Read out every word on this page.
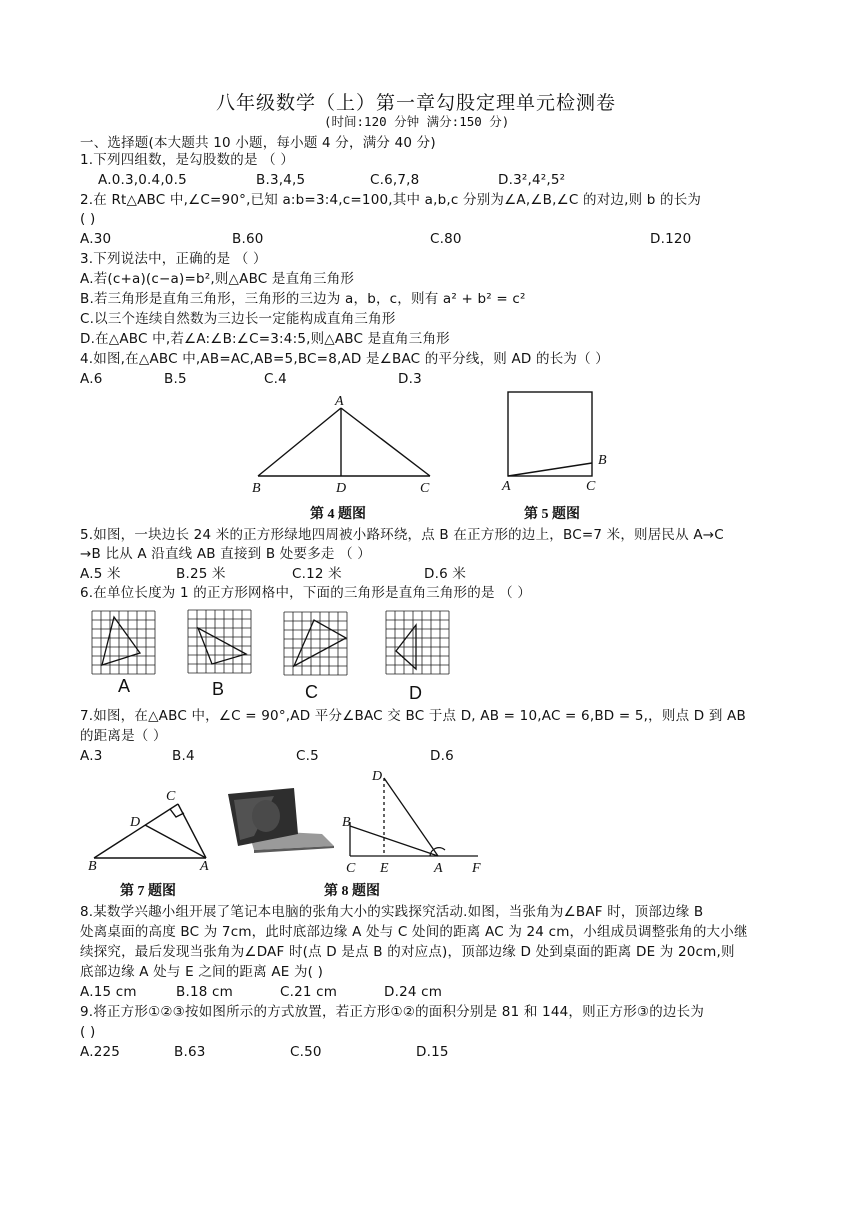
八年级数学（上）第一章勾股定理单元检测卷
(时间:120 分钟 满分:150 分)
一、选择题(本大题共 10 小题，每小题 4 分，满分 40 分)
1.下列四组数，是勾股数的是 （ ）
A.0.3,0.4,0.5	B.3,4,5	C.6,7,8	D.3²,4²,5²
2.在 Rt△ABC 中,∠C=90°,已知 a:b=3:4,c=100,其中 a,b,c 分别为∠A,∠B,∠C 的对边,则 b 的长为
( )
A.30	B.60	C.80	D.120
3.下列说法中，正确的是 （ ）
A.若(c+a)(c−a)=b²,则△ABC 是直角三角形
B.若三角形是直角三角形，三角形的三边为 a，b，c，则有 a² + b² = c²
C.以三个连续自然数为三边长一定能构成直角三角形
D.在△ABC 中,若∠A:∠B:∠C=3:4:5,则△ABC 是直角三角形
4.如图,在△ABC 中,AB=AC,AB=5,BC=8,AD 是∠BAC 的平分线，则 AD 的长为（ ）
A.6	B.5	C.4	D.3
A
B	D	C
第 4 题图
B
A	C
第 5 题图
5.如图，一块边长 24 米的正方形绿地四周被小路环绕，点 B 在正方形的边上，BC=7 米，则居民从 A→C
→B 比从 A 沿直线 AB 直接到 B 处要多走 （ ）
A.5 米	B.25 米	C.12 米	D.6 米
6.在单位长度为 1 的正方形网格中，下面的三角形是直角三角形的是 （ ）
A	B	C	D
7.如图，在△ABC 中，∠C = 90°,AD 平分∠BAC 交 BC 于点 D, AB = 10,AC = 6,BD = 5,，则点 D 到 AB
的距离是（ ）
A.3	B.4	C.5	D.6
C
D
B	A
第 7 题图
D
B
C E	A F
第 8 题图
8.某数学兴趣小组开展了笔记本电脑的张角大小的实践探究活动.如图，当张角为∠BAF 时，顶部边缘 B
处离桌面的高度 BC 为 7cm，此时底部边缘 A 处与 C 处间的距离 AC 为 24 cm，小组成员调整张角的大小继
续探究，最后发现当张角为∠DAF 时(点 D 是点 B 的对应点)，顶部边缘 D 处到桌面的距离 DE 为 20cm,则
底部边缘 A 处与 E 之间的距离 AE 为( )
A.15 cm	B.18 cm	C.21 cm	D.24 cm
9.将正方形①②③按如图所示的方式放置，若正方形①②的面积分别是 81 和 144，则正方形③的边长为
( )
A.225	B.63	C.50	D.15
